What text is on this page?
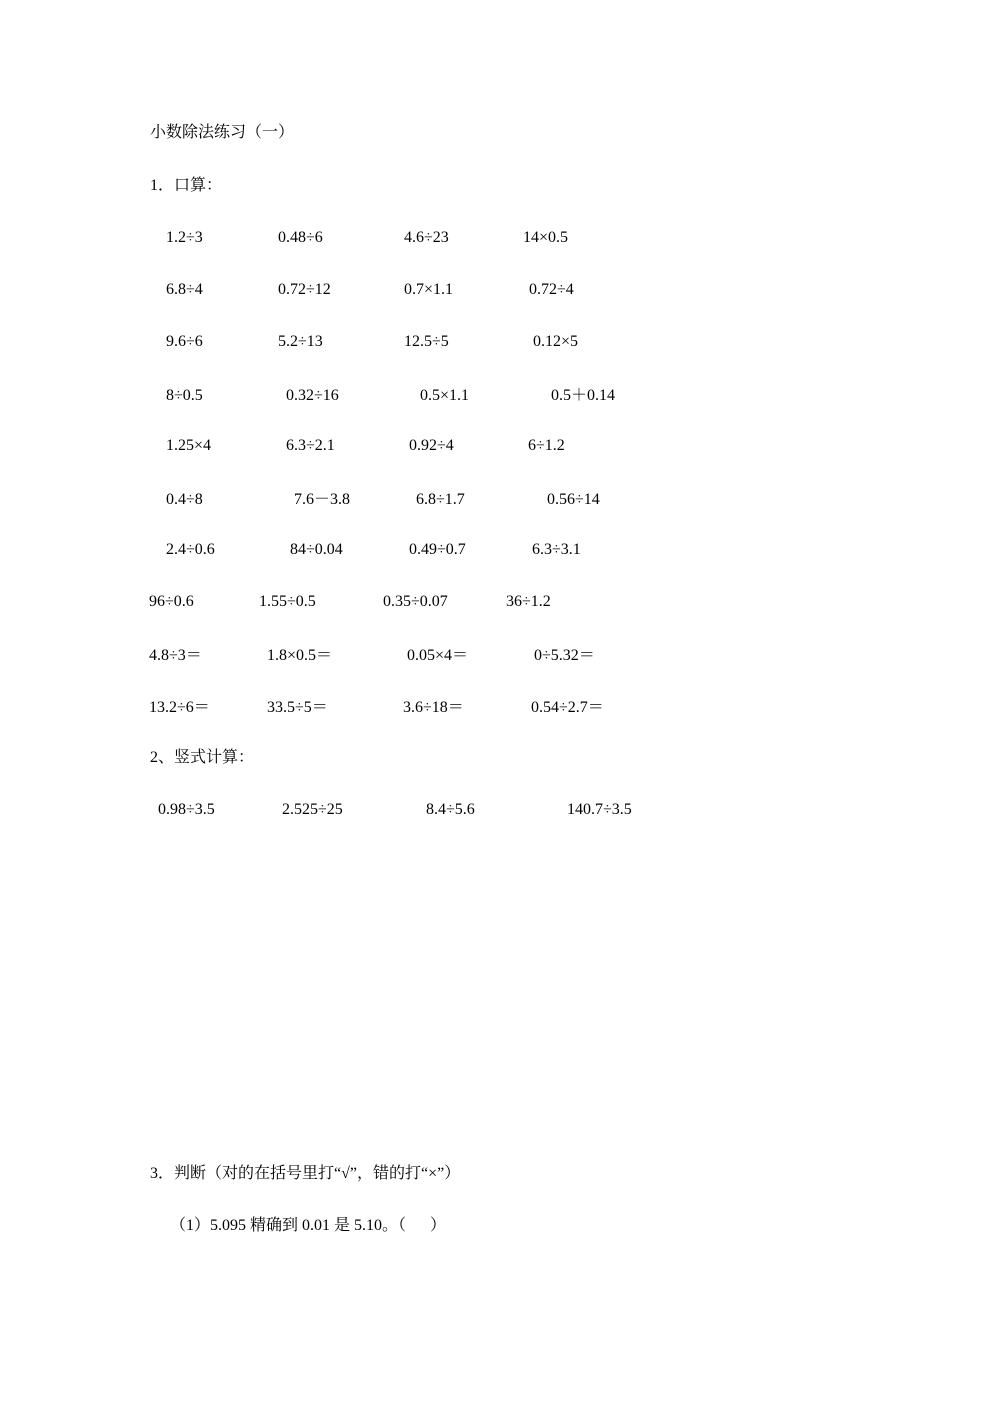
小数除法练习（一）
1．口算：
1.2÷3	0.48÷6	4.6÷23	14×0.5
6.8÷4	0.72÷12	0.7×1.1	0.72÷4
9.6÷6	5.2÷13	12.5÷5	0.12×5
8÷0.5	0.32÷16	0.5×1.1	0.5＋0.14
1.25×4	6.3÷2.1	0.92÷4	6÷1.2
0.4÷8	7.6－3.8	6.8÷1.7	0.56÷14
2.4÷0.6	84÷0.04	0.49÷0.7	6.3÷3.1
96÷0.6	1.55÷0.5	0.35÷0.07	36÷1.2
4.8÷3＝	1.8×0.5＝	0.05×4＝	0÷5.32＝
13.2÷6＝	33.5÷5＝	3.6÷18＝	0.54÷2.7＝
2、竖式计算：
0.98÷3.5	2.525÷25	8.4÷5.6	140.7÷3.5
3．判断（对的在括号里打“√”，错的打“×”）
（1）5.095 精确到 0.01 是 5.10。（      ）
